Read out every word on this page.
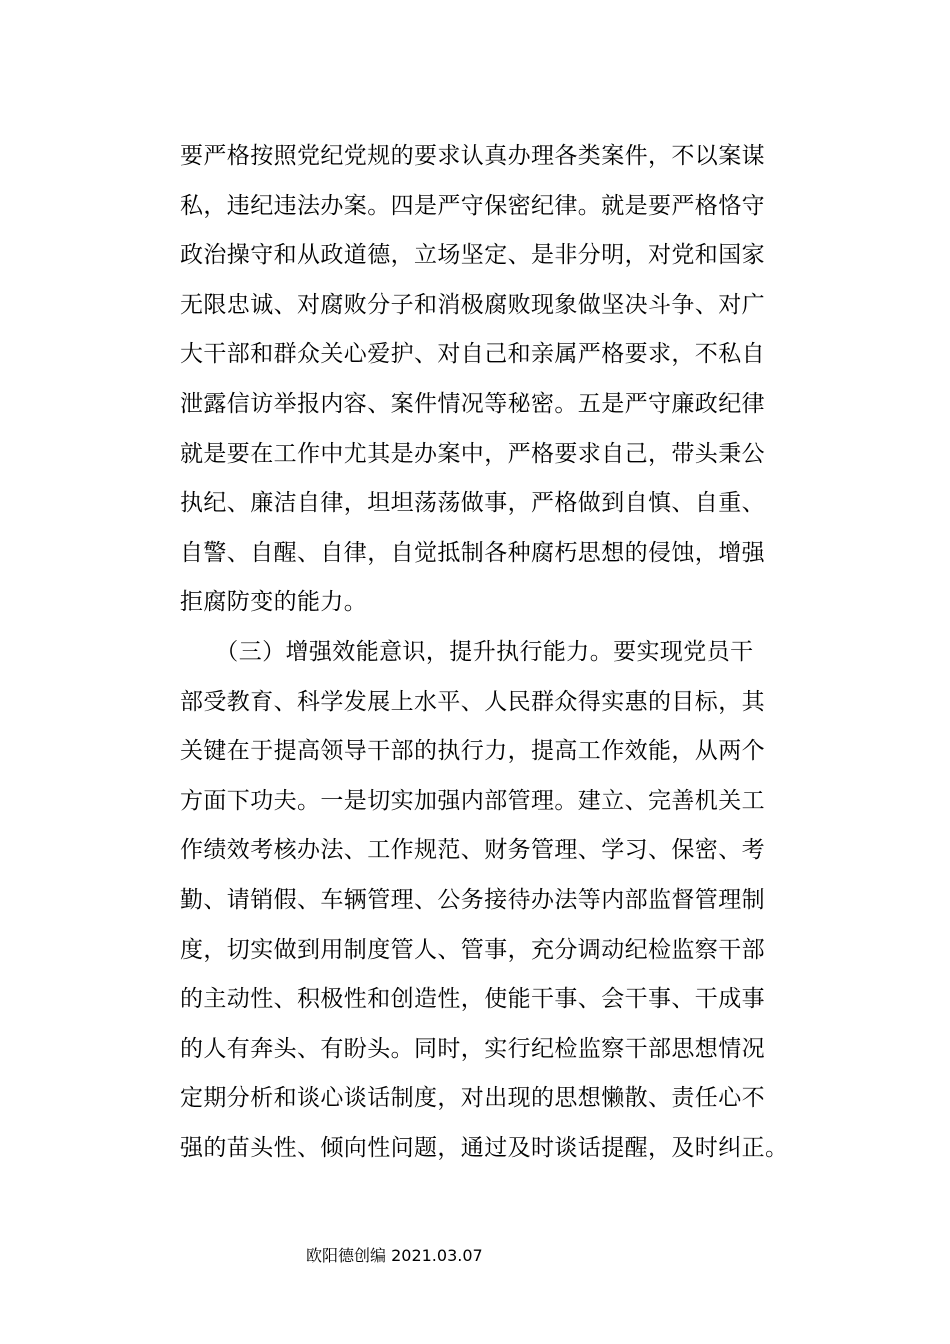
要严格按照党纪党规的要求认真办理各类案件，不以案谋
私，违纪违法办案。四是严守保密纪律。就是要严格恪守
政治操守和从政道德，立场坚定、是非分明，对党和国家
无限忠诚、对腐败分子和消极腐败现象做坚决斗争、对广
大干部和群众关心爱护、对自己和亲属严格要求，不私自
泄露信访举报内容、案件情况等秘密。五是严守廉政纪律
就是要在工作中尤其是办案中，严格要求自己，带头秉公
执纪、廉洁自律，坦坦荡荡做事，严格做到自慎、自重、
自警、自醒、自律，自觉抵制各种腐朽思想的侵蚀，增强
拒腐防变的能力。
　　（三）增强效能意识，提升执行能力。要实现党员干
部受教育、科学发展上水平、人民群众得实惠的目标，其
关键在于提高领导干部的执行力，提高工作效能，从两个
方面下功夫。一是切实加强内部管理。建立、完善机关工
作绩效考核办法、工作规范、财务管理、学习、保密、考
勤、请销假、车辆管理、公务接待办法等内部监督管理制
度，切实做到用制度管人、管事，充分调动纪检监察干部
的主动性、积极性和创造性，使能干事、会干事、干成事
的人有奔头、有盼头。同时，实行纪检监察干部思想情况
定期分析和谈心谈话制度，对出现的思想懒散、责任心不
强的苗头性、倾向性问题，通过及时谈话提醒，及时纠正。
欧阳德创编 2021.03.07
